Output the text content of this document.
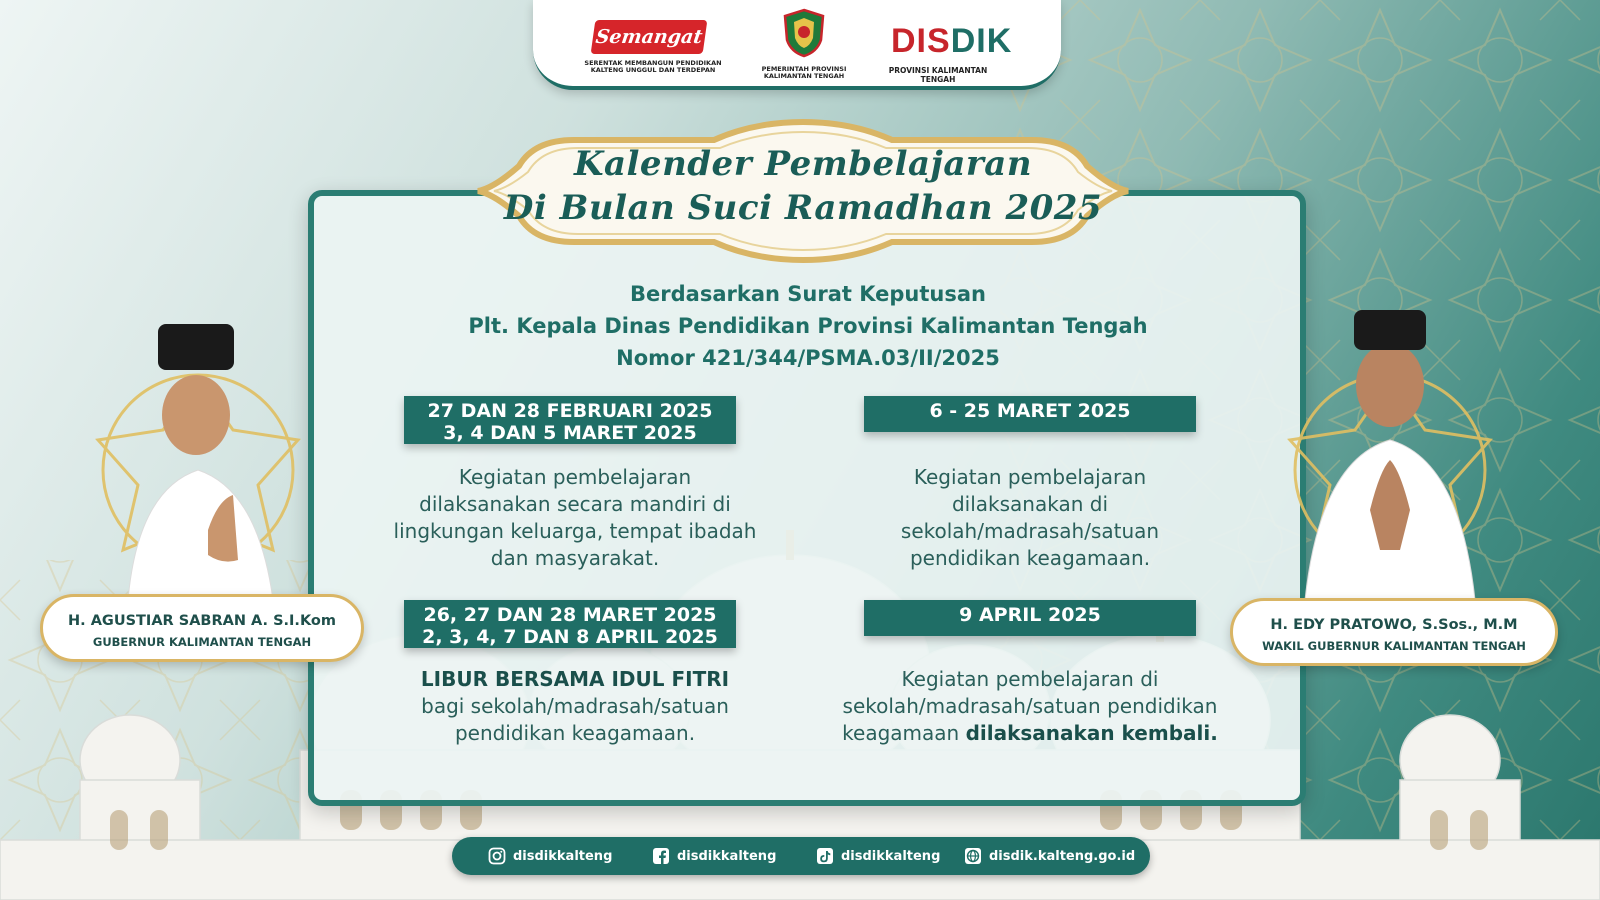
Semangat
SERENTAK MEMBANGUN PENDIDIKAN KALTENG UNGGUL DAN TERDEPAN	PEMERINTAH PROVINSI KALIMANTAN TENGAH
DISDIK
PROVINSI KALIMANTAN TENGAH
Kalender Pembelajaran
Di Bulan Suci Ramadhan 2025
Berdasarkan Surat Keputusan
Plt. Kepala Dinas Pendidikan Provinsi Kalimantan Tengah
Nomor 421/344/PSMA.03/II/2025
27 DAN 28 FEBRUARI 2025
3, 4 DAN 5 MARET 2025
Kegiatan pembelajaran
dilaksanakan secara mandiri di
lingkungan keluarga, tempat ibadah
dan masyarakat.
6 - 25 MARET 2025
Kegiatan pembelajaran
dilaksanakan di
sekolah/madrasah/satuan
pendidikan keagamaan.
26, 27 DAN 28 MARET 2025
2, 3, 4, 7 DAN 8 APRIL 2025
LIBUR BERSAMA IDUL FITRI
bagi sekolah/madrasah/satuan
pendidikan keagamaan.
9 APRIL 2025
Kegiatan pembelajaran di
sekolah/madrasah/satuan pendidikan
keagamaan dilaksanakan kembali.
H. AGUSTIAR SABRAN A. S.I.Kom
GUBERNUR KALIMANTAN TENGAH
H. EDY PRATOWO, S.Sos., M.M
WAKIL GUBERNUR KALIMANTAN TENGAH
disdikkalteng	disdikkalteng	disdikkalteng	disdik.kalteng.go.id
